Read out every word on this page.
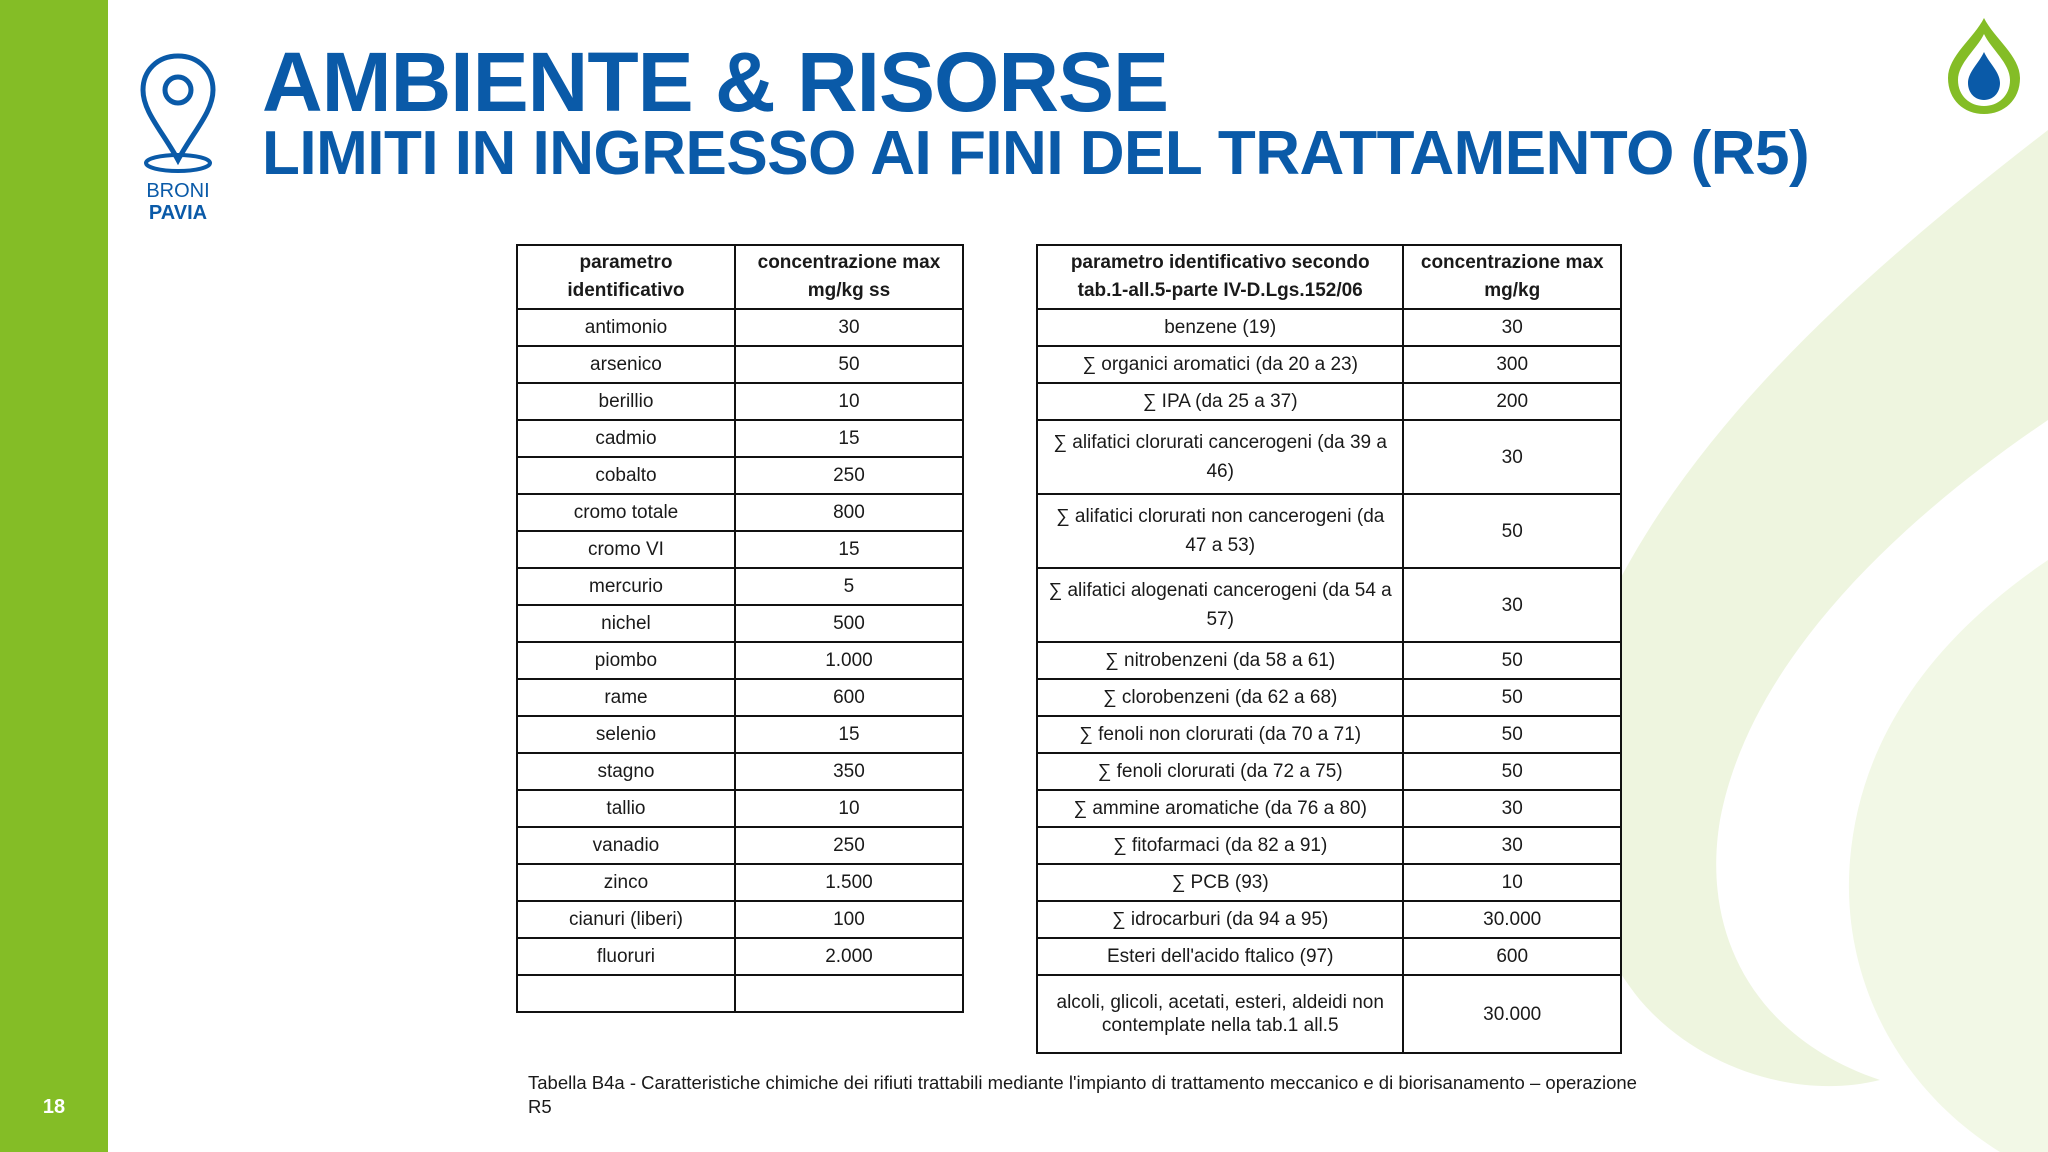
18
BRONI
PAVIA
AMBIENTE & RISORSE
LIMITI IN INGRESSO AI FINI DEL TRATTAMENTO (R5)
parametro identificativo	concentrazione max mg/kg ss
antimonio	30
arsenico	50
berillio	10
cadmio	15
cobalto	250
cromo totale	800
cromo VI	15
mercurio	5
nichel	500
piombo	1.000
rame	600
selenio	15
stagno	350
tallio	10
vanadio	250
zinco	1.500
cianuri (liberi)	100
fluoruri	2.000

parametro identificativo secondo tab.1-all.5-parte IV-D.Lgs.152/06	concentrazione max mg/kg
benzene (19)	30
∑ organici aromatici (da 20 a 23)	300
∑ IPA (da 25 a 37)	200
∑ alifatici clorurati cancerogeni (da 39 a 46)	30
∑ alifatici clorurati non cancerogeni (da 47 a 53)	50
∑ alifatici alogenati cancerogeni (da 54 a 57)	30
∑ nitrobenzeni (da 58 a 61)	50
∑ clorobenzeni (da 62 a 68)	50
∑ fenoli non clorurati (da 70 a 71)	50
∑ fenoli clorurati (da 72 a 75)	50
∑ ammine aromatiche (da 76 a 80)	30
∑ fitofarmaci (da 82 a 91)	30
∑ PCB (93)	10
∑ idrocarburi (da 94 a 95)	30.000
Esteri dell'acido ftalico (97)	600
alcoli, glicoli, acetati, esteri, aldeidi non contemplate nella tab.1 all.5	30.000
Tabella B4a - Caratteristiche chimiche dei rifiuti trattabili mediante l'impianto di trattamento meccanico e di biorisanamento – operazione R5
